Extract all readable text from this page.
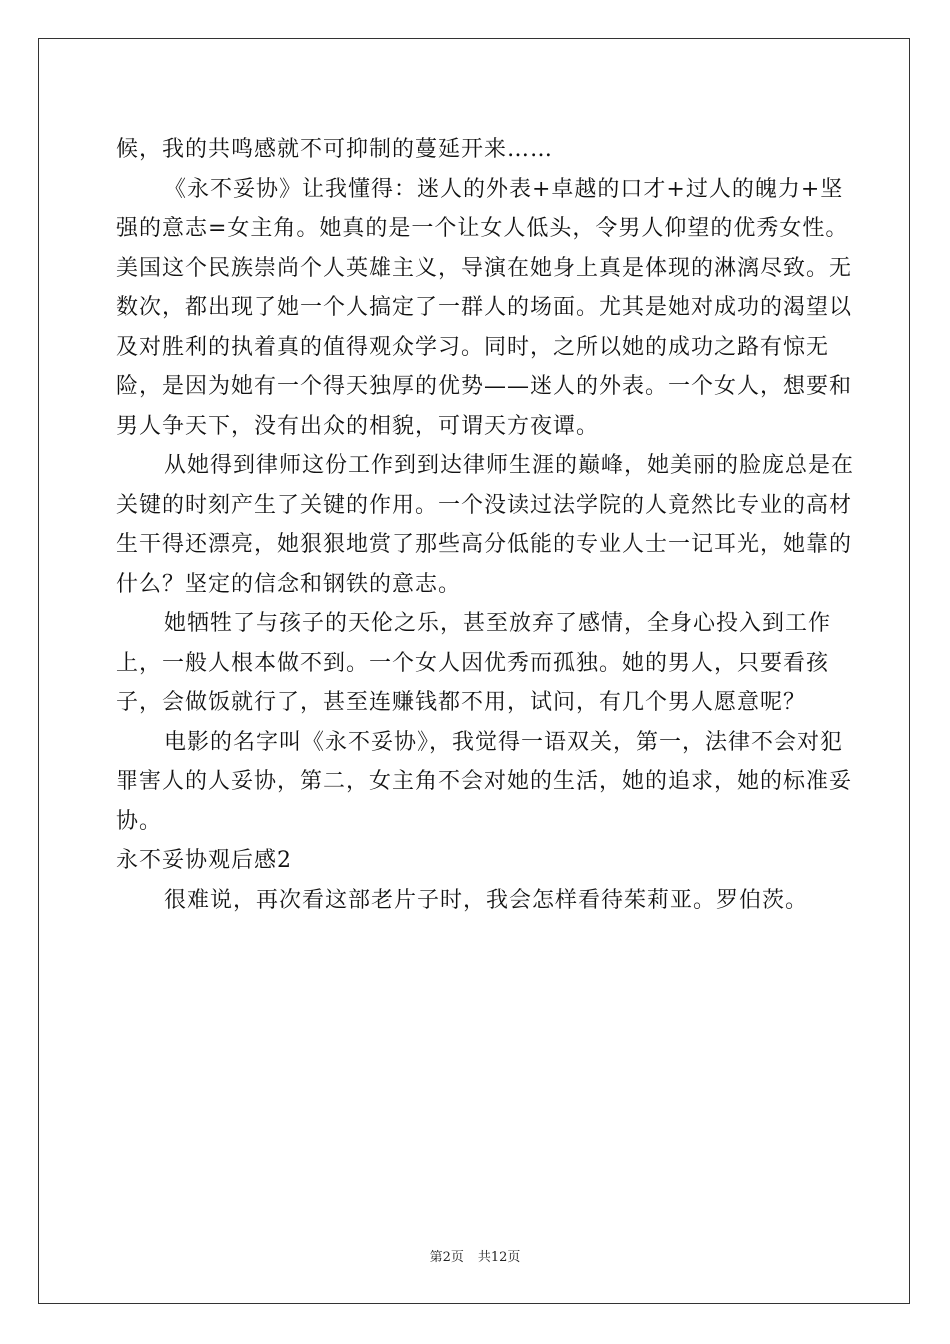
候，我的共鸣感就不可抑制的蔓延开来……

《永不妥协》让我懂得：迷人的外表+卓越的口才+过人的魄力+坚强的意志=女主角。她真的是一个让女人低头，令男人仰望的优秀女性。美国这个民族崇尚个人英雄主义，导演在她身上真是体现的淋漓尽致。无数次，都出现了她一个人搞定了一群人的场面。尤其是她对成功的渴望以及对胜利的执着真的值得观众学习。同时，之所以她的成功之路有惊无险，是因为她有一个得天独厚的优势——迷人的外表。一个女人，想要和男人争天下，没有出众的相貌，可谓天方夜谭。

从她得到律师这份工作到到达律师生涯的巅峰，她美丽的脸庞总是在关键的时刻产生了关键的作用。一个没读过法学院的人竟然比专业的高材生干得还漂亮，她狠狠地赏了那些高分低能的专业人士一记耳光，她靠的什么？坚定的信念和钢铁的意志。

她牺牲了与孩子的天伦之乐，甚至放弃了感情，全身心投入到工作上，一般人根本做不到。一个女人因优秀而孤独。她的男人，只要看孩子，会做饭就行了，甚至连赚钱都不用，试问，有几个男人愿意呢？

电影的名字叫《永不妥协》，我觉得一语双关，第一，法律不会对犯罪害人的人妥协，第二，女主角不会对她的生活，她的追求，她的标准妥协。

永不妥协观后感2

很难说，再次看这部老片子时，我会怎样看待茱莉亚。罗伯茨。

第2页 共12页
